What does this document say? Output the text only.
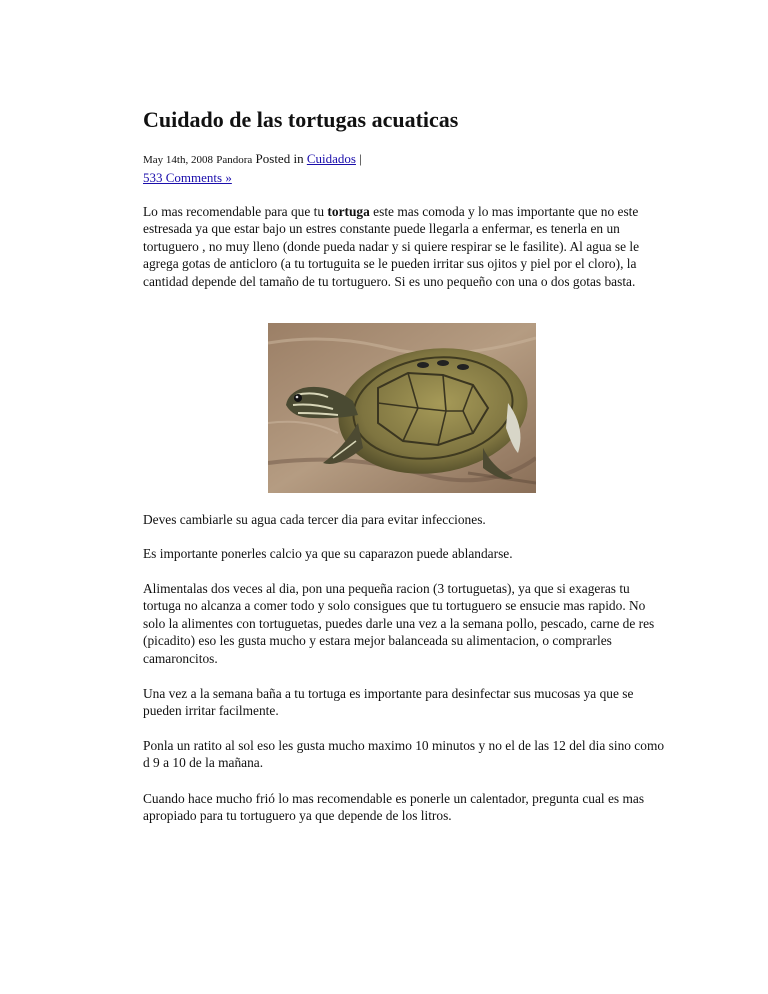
Cuidado de las tortugas acuaticas
May 14th, 2008 Pandora Posted in Cuidados |
533 Comments »

Lo mas recomendable para que tu tortuga este mas comoda y lo mas importante que no este estresada ya que estar bajo un estres constante puede llegarla a enfermar, es tenerla en un tortuguero , no muy lleno (donde pueda nadar y si quiere respirar se le fasilite). Al agua se le agrega gotas de anticloro (a tu tortuguita se le pueden irritar sus ojitos y piel por el cloro), la cantidad depende del tamaño de tu tortuguero. Si es uno pequeño con una o dos gotas basta.

Deves cambiarle su agua cada tercer dia para evitar infecciones.

Es importante ponerles calcio ya que su caparazon puede ablandarse.

Alimentalas dos veces al dia, pon una pequeña racion (3 tortuguetas), ya que si exageras tu tortuga no alcanza a comer todo y solo consigues que tu tortuguero se ensucie mas rapido. No solo la alimentes con tortuguetas, puedes darle una vez a la semana pollo, pescado, carne de res (picadito) eso les gusta mucho y estara mejor balanceada su alimentacion, o comprarles camaroncitos.

Una vez a la semana baña a tu tortuga es importante para desinfectar sus mucosas ya que se pueden irritar facilmente.

Ponla un ratito al sol eso les gusta mucho maximo 10 minutos y no el de las 12 del dia sino como d 9 a 10 de la mañana.

Cuando hace mucho frió lo mas recomendable es ponerle un calentador, pregunta cual es mas apropiado para tu tortuguero ya que depende de los litros.
